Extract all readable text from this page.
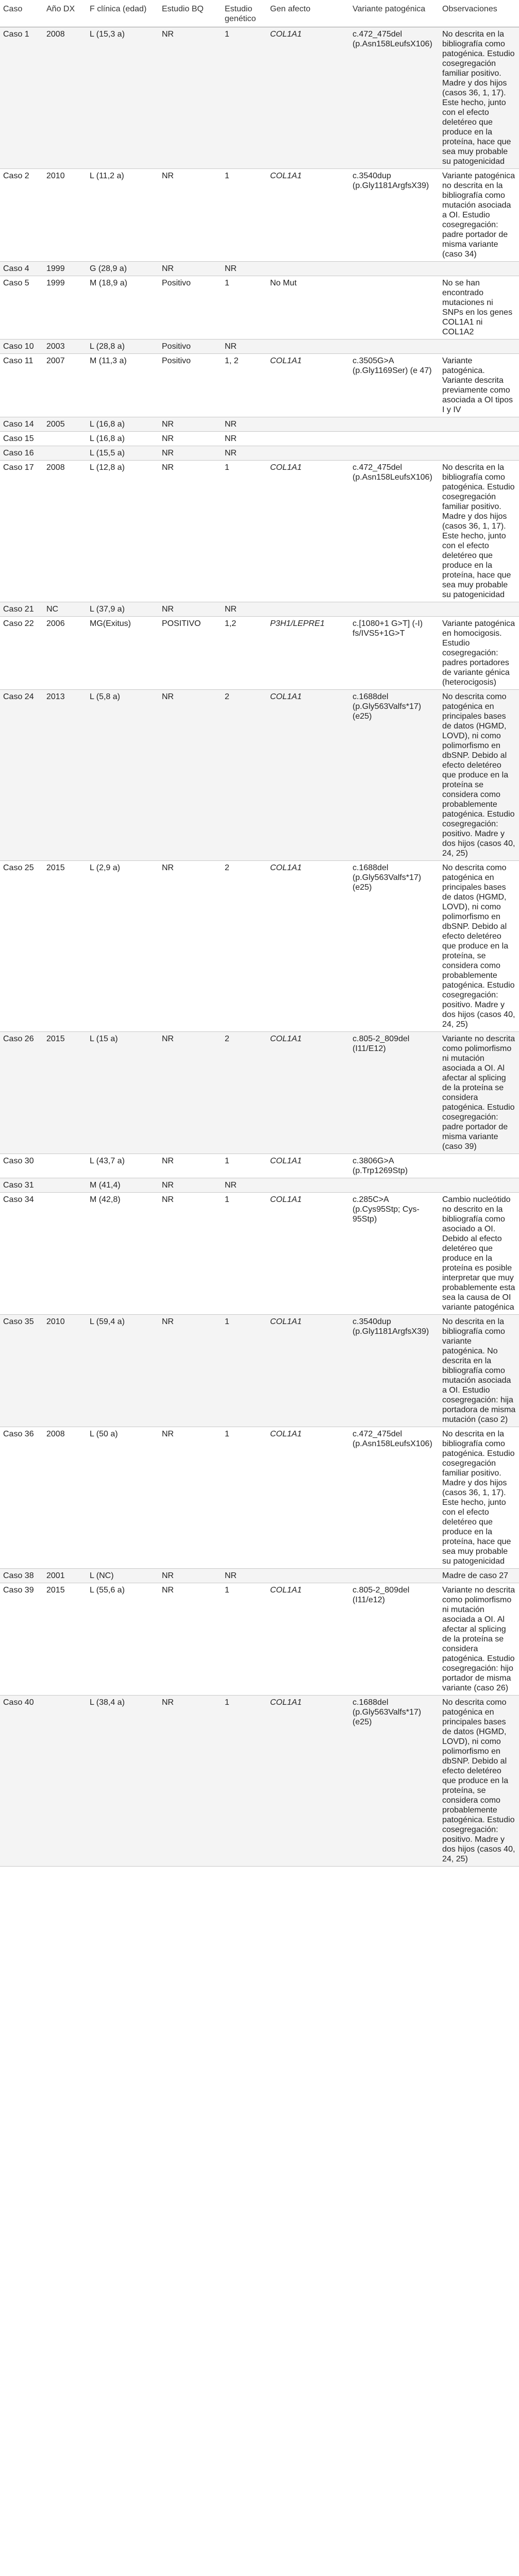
Caso	Año DX	F clínica (edad)	Estudio BQ	Estudio genético	Gen afecto	Variante patogénica	Observaciones
Caso 1	2008	L (15,3 a)	NR	1	COL1A1	c.472_475del (p.Asn158LeufsX106)	No descrita en la bibliografía como patogénica. Estudio cosegregación familiar positivo. Madre y dos hijos (casos 36, 1, 17). Este hecho, junto con el efecto deletéreo que produce en la proteína, hace que sea muy probable su patogenicidad
Caso 2	2010	L (11,2 a)	NR	1	COL1A1	c.3540dup (p.Gly1181ArgfsX39)	Variante patogénica no descrita en la bibliografía como mutación asociada a OI. Estudio cosegregación: padre portador de misma variante (caso 34)
Caso 4	1999	G (28,9 a)	NR	NR			
Caso 5	1999	M (18,9 a)	Positivo	1	No Mut		No se han encontrado mutaciones ni SNPs en los genes COL1A1 ni COL1A2
Caso 10	2003	L (28,8 a)	Positivo	NR			
Caso 11	2007	M (11,3 a)	Positivo	1, 2	COL1A1	c.3505G>A (p.Gly1169Ser) (e 47)	Variante patogénica. Variante descrita previamente como asociada a OI tipos I y IV
Caso 14	2005	L (16,8 a)	NR	NR			
Caso 15		L (16,8 a)	NR	NR			
Caso 16		L (15,5 a)	NR	NR			
Caso 17	2008	L (12,8 a)	NR	1	COL1A1	c.472_475del (p.Asn158LeufsX106)	No descrita en la bibliografía como patogénica. Estudio cosegregación familiar positivo. Madre y dos hijos (casos 36, 1, 17). Este hecho, junto con el efecto deletéreo que produce en la proteína, hace que sea muy probable su patogenicidad
Caso 21	NC	L (37,9 a)	NR	NR			
Caso 22	2006	MG(Exitus)	POSITIVO	1,2	P3H1/LEPRE1	c.[1080+1 G>T] (-I) fs/IVS5+1G>T	Variante patogénica en homocigosis. Estudio cosegregación: padres portadores de variante génica (heterocigosis)
Caso 24	2013	L (5,8 a)	NR	2	COL1A1	c.1688del (p.Gly563Valfs*17) (e25)	No descrita como patogénica en principales bases de datos (HGMD, LOVD), ni como polimorfismo en dbSNP. Debido al efecto deletéreo que produce en la proteína se considera como probablemente patogénica. Estudio cosegregación: positivo. Madre y dos hijos (casos 40, 24, 25)
Caso 25	2015	L (2,9 a)	NR	2	COL1A1	c.1688del (p.Gly563Valfs*17) (e25)	No descrita como patogénica en principales bases de datos (HGMD, LOVD), ni como polimorfismo en dbSNP. Debido al efecto deletéreo que produce en la proteína, se considera como probablemente patogénica. Estudio cosegregación: positivo. Madre y dos hijos (casos 40, 24, 25)
Caso 26	2015	L (15 a)	NR	2	COL1A1	c.805-2_809del (I11/E12)	Variante no descrita como polimorfismo ni mutación asociada a OI. Al afectar al splicing de la proteína se considera patogénica. Estudio cosegregación: padre portador de misma variante (caso 39)
Caso 30		L (43,7 a)	NR	1	COL1A1	c.3806G>A (p.Trp1269Stp)	
Caso 31		M (41,4)	NR	NR			
Caso 34		M (42,8)	NR	1	COL1A1	c.285C>A (p.Cys95Stp; Cys-95Stp)	Cambio nucleótido no descrito en la bibliografía como asociado a OI. Debido al efecto deletéreo que produce en la proteína es posible interpretar que muy probablemente esta sea la causa de OI variante patogénica
Caso 35	2010	L (59,4 a)	NR	1	COL1A1	c.3540dup (p.Gly1181ArgfsX39)	No descrita en la bibliografía como variante patogénica. No descrita en la bibliografía como mutación asociada a OI. Estudio cosegregación: hija portadora de misma mutación (caso 2)
Caso 36	2008	L (50 a)	NR	1	COL1A1	c.472_475del (p.Asn158LeufsX106)	No descrita en la bibliografía como patogénica. Estudio cosegregación familiar positivo. Madre y dos hijos (casos 36, 1, 17). Este hecho, junto con el efecto deletéreo que produce en la proteína, hace que sea muy probable su patogenicidad
Caso 38	2001	L (NC)	NR	NR			Madre de caso 27
Caso 39	2015	L (55,6 a)	NR	1	COL1A1	c.805-2_809del (I11/e12)	Variante no descrita como polimorfismo ni mutación asociada a OI. Al afectar al splicing de la proteína se considera patogénica. Estudio cosegregación: hijo portador de misma variante (caso 26)
Caso 40		L (38,4 a)	NR	1	COL1A1	c.1688del (p.Gly563Valfs*17) (e25)	No descrita como patogénica en principales bases de datos (HGMD, LOVD), ni como polimorfismo en dbSNP. Debido al efecto deletéreo que produce en la proteína, se considera como probablemente patogénica. Estudio cosegregación: positivo. Madre y dos hijos (casos 40, 24, 25)
